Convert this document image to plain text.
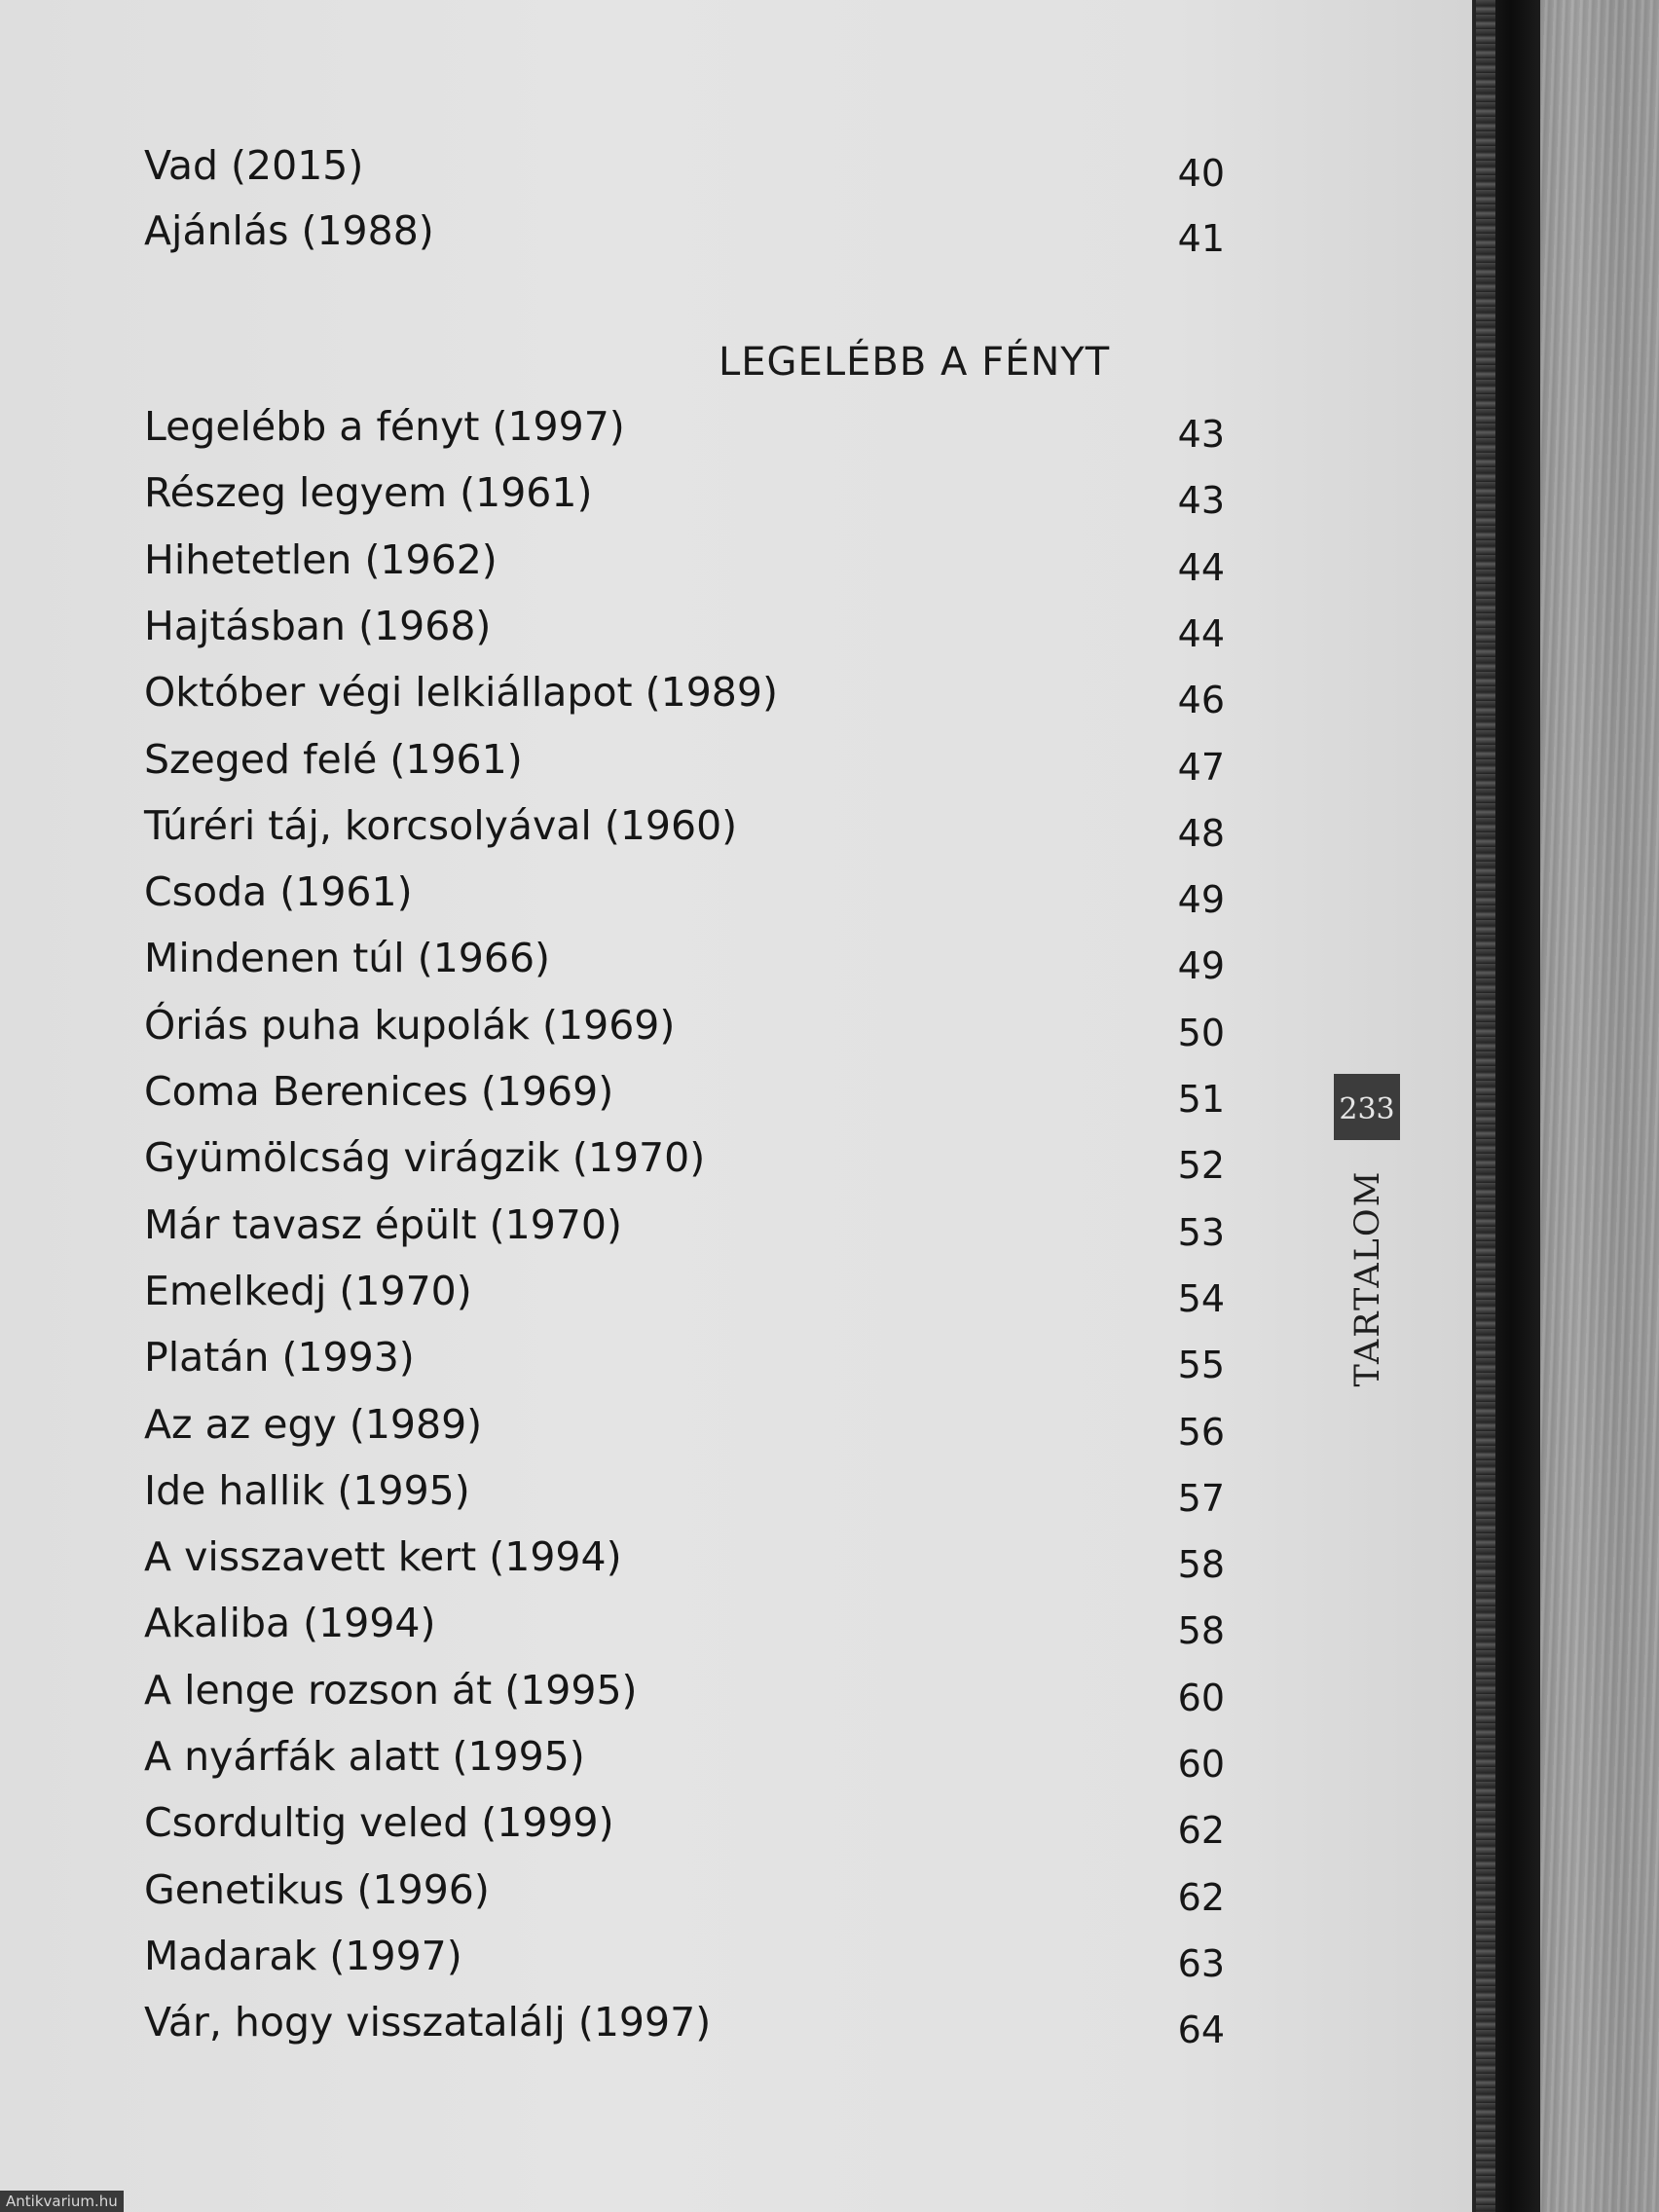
Vad (2015)	40
Ajánlás (1988)	41
Legelébb a fényt (1997)	43
Részeg legyem (1961)	43
Hihetetlen (1962)	44
Hajtásban (1968)	44
Október végi lelkiállapot (1989)	46
Szeged felé (1961)	47
Túréri táj, korcsolyával (1960)	48
Csoda (1961)	49
Mindenen túl (1966)	49
Óriás puha kupolák (1969)	50
Coma Berenices (1969)	51
Gyümölcság virágzik (1970)	52
Már tavasz épült (1970)	53
Emelkedj (1970)	54
Platán (1993)	55
Az az egy (1989)	56
Ide hallik (1995)	57
A visszavett kert (1994)	58
Akaliba (1994)	58
A lenge rozson át (1995)	60
A nyárfák alatt (1995)	60
Csordultig veled (1999)	62
Genetikus (1996)	62
Madarak (1997)	63
Vár, hogy visszatalálj (1997)	64
LEGELÉBB A FÉNYT
233
TARTALOM
Antikvarium.hu
